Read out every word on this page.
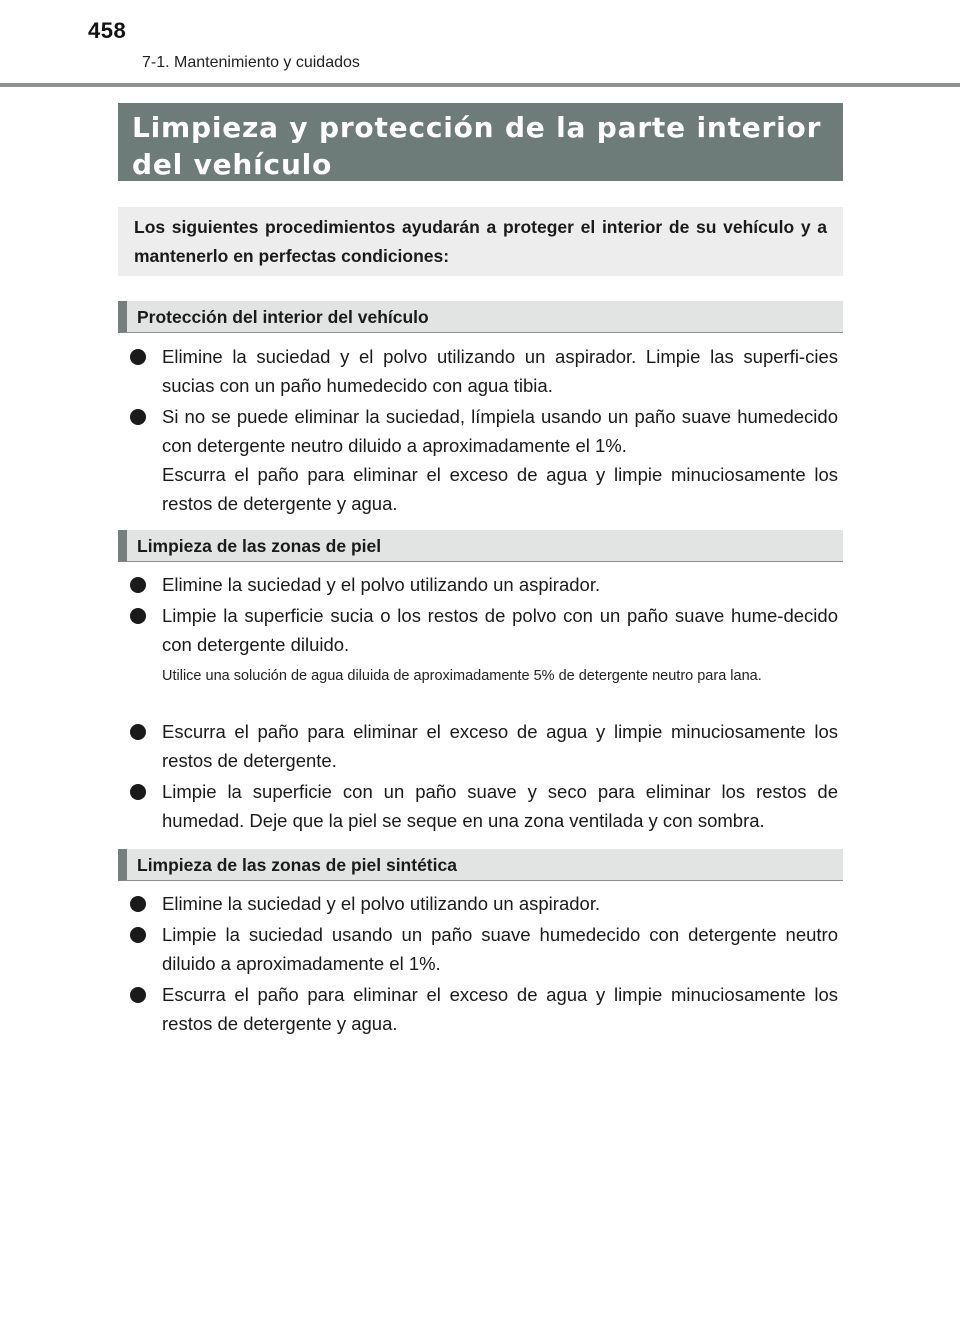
458
7-1. Mantenimiento y cuidados
Limpieza y protección de la parte interior del vehículo

Los siguientes procedimientos ayudarán a proteger el interior de su vehículo y a mantenerlo en perfectas condiciones:

Protección del interior del vehículo
Elimine la suciedad y el polvo utilizando un aspirador. Limpie las superfi-cies sucias con un paño humedecido con agua tibia.
Si no se puede eliminar la suciedad, límpiela usando un paño suave humedecido con detergente neutro diluido a aproximadamente el 1%.
Escurra el paño para eliminar el exceso de agua y limpie minuciosamente los restos de detergente y agua.
Limpieza de las zonas de piel
Elimine la suciedad y el polvo utilizando un aspirador.
Limpie la superficie sucia o los restos de polvo con un paño suave hume-decido con detergente diluido.
Utilice una solución de agua diluida de aproximadamente 5% de detergente neutro para lana.
Escurra el paño para eliminar el exceso de agua y limpie minuciosamente los restos de detergente.
Limpie la superficie con un paño suave y seco para eliminar los restos de humedad. Deje que la piel se seque en una zona ventilada y con sombra.
Limpieza de las zonas de piel sintética
Elimine la suciedad y el polvo utilizando un aspirador.
Limpie la suciedad usando un paño suave humedecido con detergente neutro diluido a aproximadamente el 1%.
Escurra el paño para eliminar el exceso de agua y limpie minuciosamente los restos de detergente y agua.
